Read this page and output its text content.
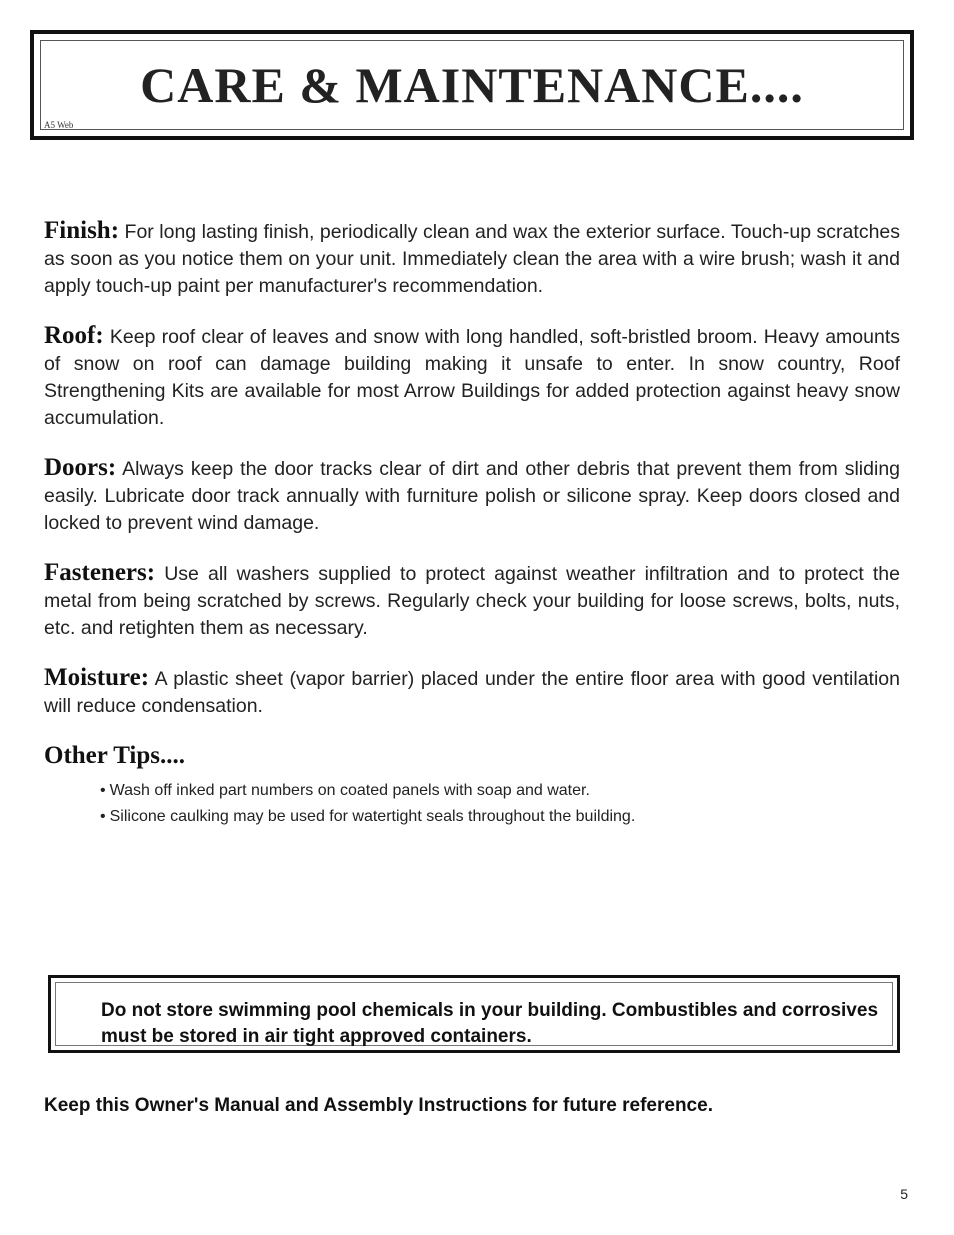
CARE & MAINTENANCE....
A5 Web

Finish: For long lasting finish, periodically clean and wax the exterior surface. Touch-up scratches as soon as you notice them on your unit. Immediately clean the area with a wire brush; wash it and apply touch-up paint per manufacturer's recommendation.

Roof: Keep roof clear of leaves and snow with long handled, soft-bristled broom. Heavy amounts of snow on roof can damage building making it unsafe to enter. In snow country, Roof Strengthening Kits are available for most Arrow Buildings for added protection against heavy snow accumulation.

Doors: Always keep the door tracks clear of dirt and other debris that prevent them from sliding easily. Lubricate door track annually with furniture polish or silicone spray. Keep doors closed and locked to prevent wind damage.

Fasteners: Use all washers supplied to protect against weather infiltration and to protect the metal from being scratched by screws. Regularly check your building for loose screws, bolts, nuts, etc. and retighten them as necessary.

Moisture: A plastic sheet (vapor barrier) placed under the entire floor area with good ventilation will reduce condensation.

Other Tips....
• Wash off inked part numbers on coated panels with soap and water.
• Silicone caulking may be used for watertight seals throughout the building.
Do not store swimming pool chemicals in your building. Combustibles and corrosives must be stored in air tight approved containers.
Keep this Owner's Manual and Assembly Instructions for future reference.
5
